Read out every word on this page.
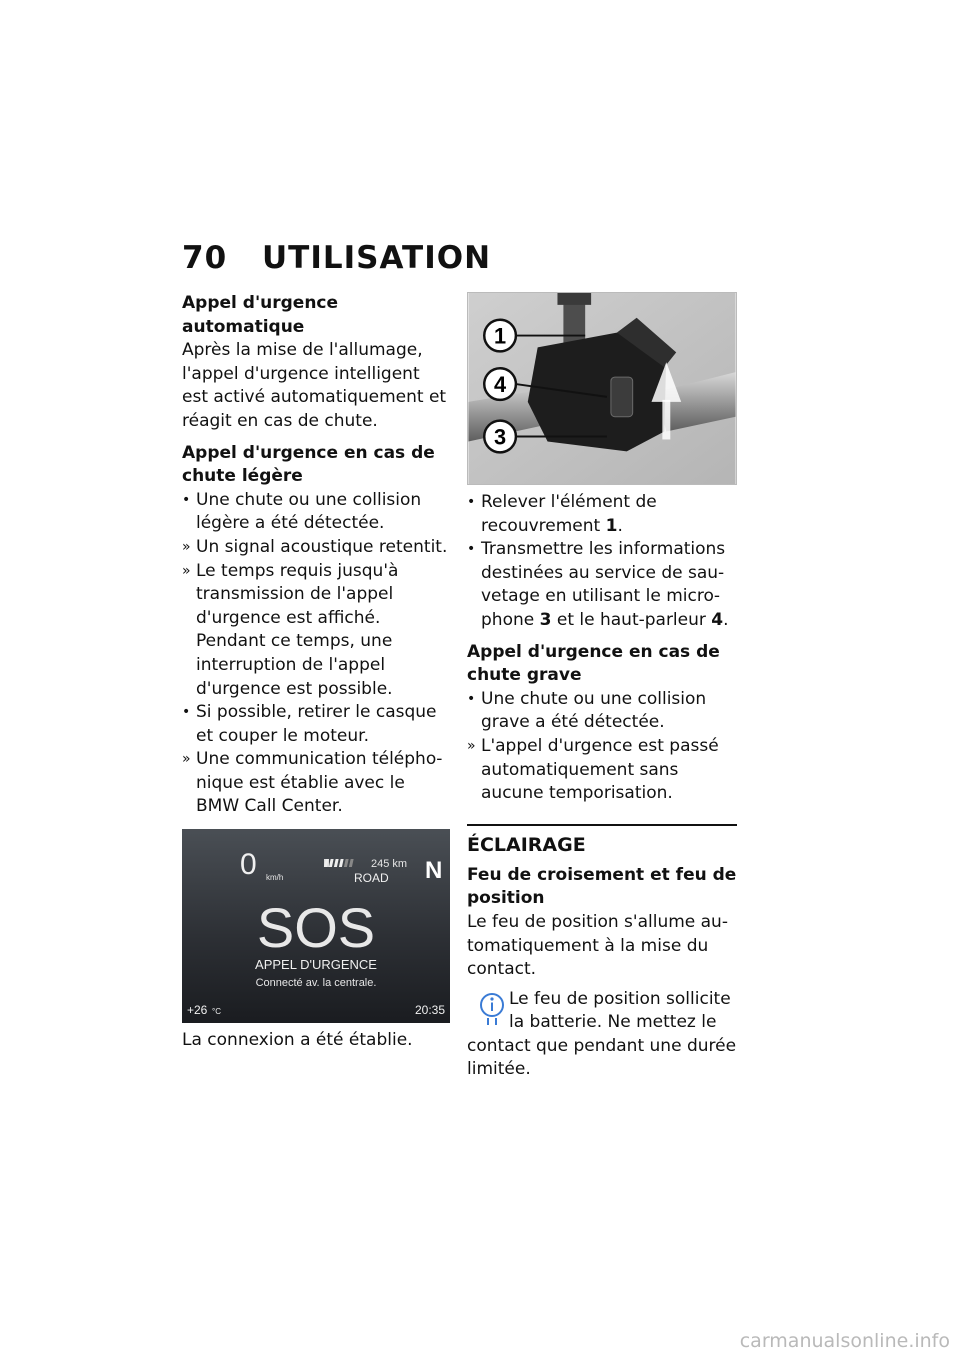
70 UTILISATION
Appel d'urgence automatique

Après la mise de l'allumage, l'appel d'urgence intelligent est activé automatiquement et réagit en cas de chute.

Appel d'urgence en cas de chute légère
• Une chute ou une collision légère a été détectée.
» Un signal acoustique retentit.
» Le temps requis jusqu'à transmission de l'appel d'urgence est affiché. Pendant ce temps, une interruption de l'appel d'urgence est possible.
• Si possible, retirer le casque et couper le moteur.
» Une communication téléphonique est établie avec le BMW Call Center.
0 km/h
245 km
ROAD N
SOS
APPEL D'URGENCE
Connecté av. la centrale.
+26 °C	20:35

La connexion a été établie.

1
4
3
• Relever l'élément de recouvrement 1.
• Transmettre les informations destinées au service de sauvetage en utilisant le microphone 3 et le haut-parleur 4.
Appel d'urgence en cas de chute grave
• Une chute ou une collision grave a été détectée.
» L'appel d'urgence est passé automatiquement sans aucune temporisation.
ÉCLAIRAGE
Feu de croisement et feu de position

Le feu de position s'allume automatiquement à la mise du contact.

Le feu de position sollicite
la batterie. Ne mettez le
contact que pendant une durée limitée.
carmanualsonline.info
